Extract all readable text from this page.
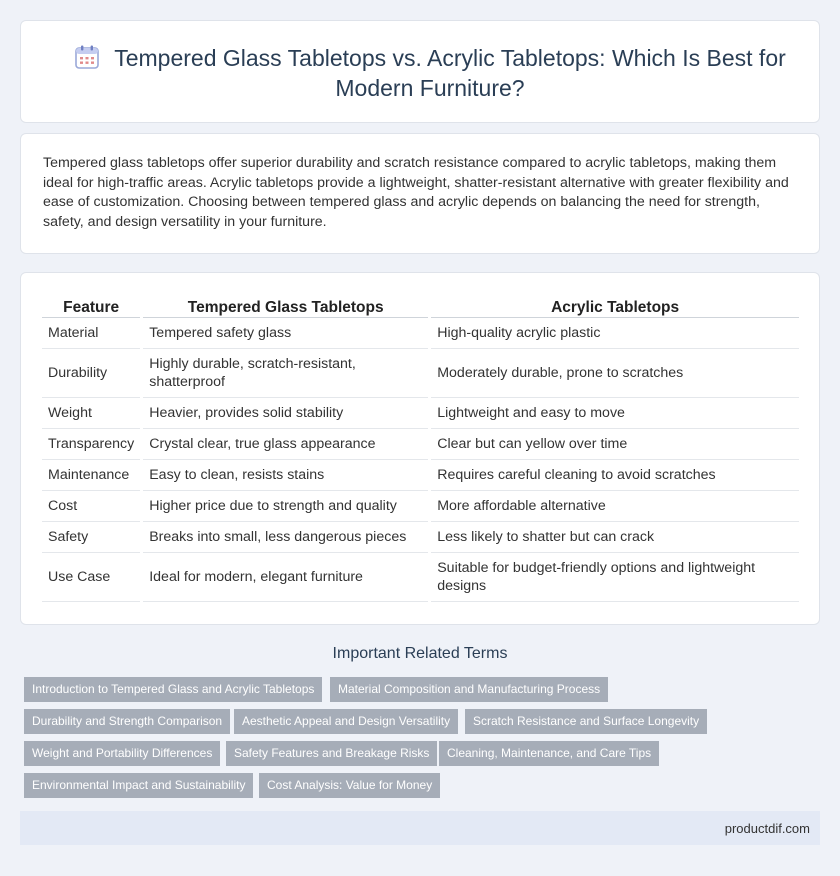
Tempered Glass Tabletops vs. Acrylic Tabletops: Which Is Best for Modern Furniture?

Tempered glass tabletops offer superior durability and scratch resistance compared to acrylic tabletops, making them ideal for high-traffic areas. Acrylic tabletops provide a lightweight, shatter-resistant alternative with greater flexibility and ease of customization. Choosing between tempered glass and acrylic depends on balancing the need for strength, safety, and design versatility in your furniture.

Feature	Tempered Glass Tabletops	Acrylic Tabletops
Material	Tempered safety glass	High-quality acrylic plastic
Durability	Highly durable, scratch-resistant, shatterproof	Moderately durable, prone to scratches
Weight	Heavier, provides solid stability	Lightweight and easy to move
Transparency	Crystal clear, true glass appearance	Clear but can yellow over time
Maintenance	Easy to clean, resists stains	Requires careful cleaning to avoid scratches
Cost	Higher price due to strength and quality	More affordable alternative
Safety	Breaks into small, less dangerous pieces	Less likely to shatter but can crack
Use Case	Ideal for modern, elegant furniture	Suitable for budget-friendly options and lightweight designs
Important Related Terms
Introduction to Tempered Glass and Acrylic Tabletops	Material Composition and Manufacturing Process
Durability and Strength Comparison	Aesthetic Appeal and Design Versatility	Scratch Resistance and Surface Longevity
Weight and Portability Differences	Safety Features and Breakage Risks	Cleaning, Maintenance, and Care Tips
Environmental Impact and Sustainability	Cost Analysis: Value for Money
productdif.com
